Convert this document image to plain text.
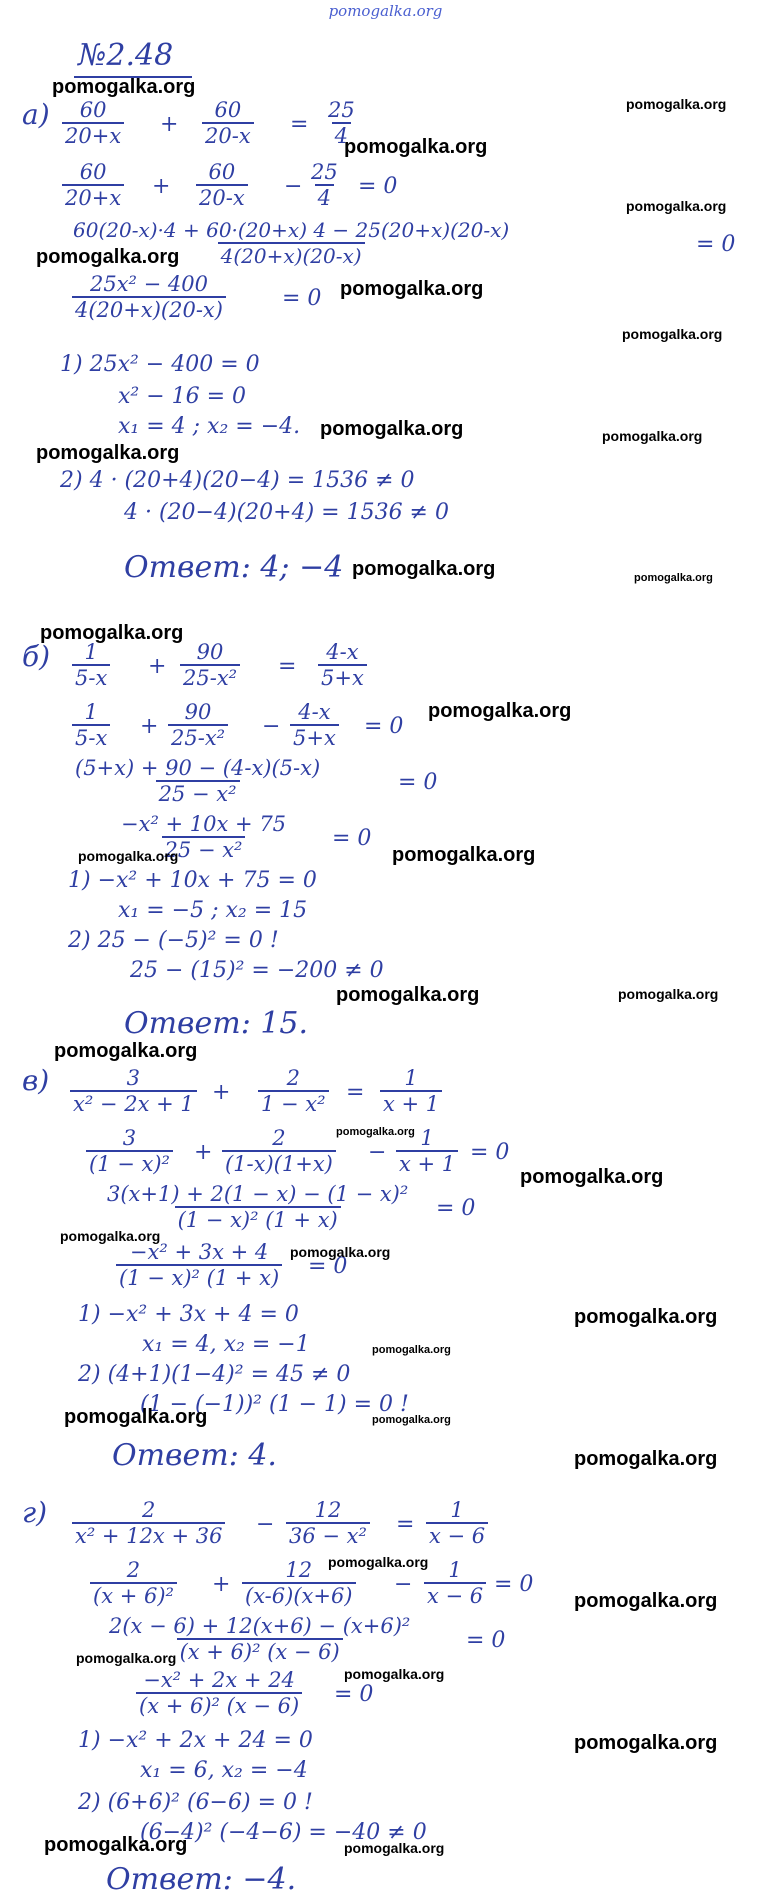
pomogalka.org
№2.48
$а) \frac{60}{20+x} + \frac{60}{20-x} = \frac{25}{4}$
$\frac{60}{20+x} + \frac{60}{20-x} - \frac{25}{4} = 0$
$\frac{60(20-x)\cdot 4 + 60\cdot(20+x) 4 - 25(20+x)(20-x)}{4(20+x)(20-x)}$	= 0
$\frac{\text{25x² − 400}}{4(20+x)(20-x)}$	= 0
1) 25x² − 400 = 0
x² − 16 = 0
x₁ = 4 ; x₂ = −4.
2) 4 · (20+4)(20−4) = 1536 ≠ 0
4 · (20−4)(20+4) = 1536 ≠ 0
Ответ: 4; −4
$б) \frac{1}{5-x} + \frac{90}{\text{25-x²}} = \frac{4-x}{5+x}$
$\frac{1}{5-x} + \frac{90}{\text{25-x²}} - \frac{4-x}{5+x} = 0$
$\frac{(5+x) + 90 - (4-x)(5-x)}{\text{25 − x²}}$	= 0
$\frac{\text{−x² + 10x + 75}}{\text{25 − x²}} = 0$
1) −x² + 10x + 75 = 0
x₁ = −5 ; x₂ = 15
2) 25 − (−5)² = 0 !
25 − (15)² = −200 ≠ 0
Ответ: 15.
$в) \frac{3}{\text{x² − 2x + 1}} + \frac{2}{\text{1 − x²}} = \frac{1}{x + 1}$
$\frac{3}{\text{(1 − x)²}} + \frac{2}{(1-x)(1+x)} - \frac{1}{x + 1} = 0$
$\frac{\text{3(x+1) + 2(1 − x) − (1 − x)²}}{\text{(1 − x)² (1 + x)}} = 0$
$\frac{\text{−x² + 3x + 4}}{\text{(1 − x)² (1 + x)}} = 0$
1) −x² + 3x + 4 = 0
x₁ = 4, x₂ = −1
2) (4+1)(1−4)² = 45 ≠ 0
(1 − (−1))² (1 − 1) = 0 !
Ответ: 4.
$г) \frac{2}{\text{x² + 12x + 36}} - \frac{12}{\text{36 − x²}} = \frac{1}{x - 6}$
$\frac{2}{\text{(x + 6)²}} + \frac{12}{(x-6)(x+6)} - \frac{1}{x - 6} = 0$
$\frac{\text{2(x − 6) + 12(x+6) − (x+6)²}}{\text{(x + 6)² (x − 6)}} = 0$
$\frac{\text{−x² + 2x + 24}}{\text{(x + 6)² (x − 6)}} = 0$
1) −x² + 2x + 24 = 0
x₁ = 6, x₂ = −4
2) (6+6)² (6−6) = 0 !
(6−4)² (−4−6) = −40 ≠ 0
Ответ: −4.
pomogalka.org
pomogalka.org
pomogalka.org
pomogalka.org
pomogalka.org
pomogalka.org
pomogalka.org
pomogalka.org	pomogalka.org
pomogalka.org
pomogalka.org	pomogalka.org
pomogalka.org
pomogalka.org
pomogalka.org	pomogalka.org
pomogalka.org	pomogalka.org
pomogalka.org
pomogalka.org
pomogalka.org
pomogalka.org
pomogalka.org
pomogalka.org
pomogalka.org
pomogalka.org	pomogalka.org
pomogalka.org
pomogalka.org
pomogalka.org
pomogalka.org
pomogalka.org
pomogalka.org
pomogalka.org	pomogalka.org
